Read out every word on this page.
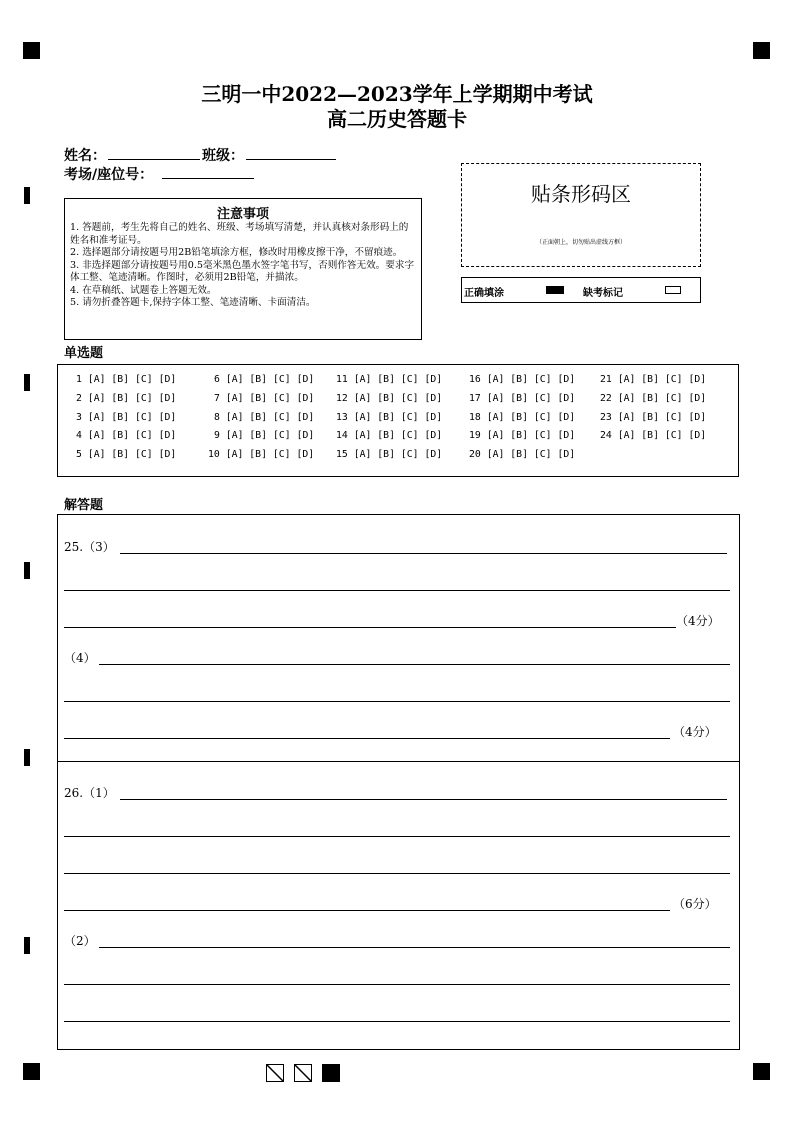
三明一中2022—2023学年上学期期中考试
高二历史答题卡
姓名：	班级：
考场/座位号：
注意事项
1. 答题前，考生先将自己的姓名、班级、考场填写清楚，并认真核对条形码上的姓名和准考证号。
2. 选择题部分请按题号用2B铅笔填涂方框，修改时用橡皮擦干净，不留痕迹。
3. 非选择题部分请按题号用0.5毫米黑色墨水签字笔书写，否则作答无效。要求字体工整、笔迹清晰。作图时，必须用2B铅笔，并描浓。
4. 在草稿纸、试题卷上答题无效。
5. 请勿折叠答题卡,保持字体工整、笔迹清晰、卡面清洁。
贴条形码区
（正面朝上，切勿贴出虚线方框）
正确填涂	缺考标记
单选题
1 [A] [B] [C] [D]
2 [A] [B] [C] [D]
3 [A] [B] [C] [D]
4 [A] [B] [C] [D]
5 [A] [B] [C] [D]
6 [A] [B] [C] [D]
7 [A] [B] [C] [D]
8 [A] [B] [C] [D]
9 [A] [B] [C] [D]
10 [A] [B] [C] [D]
11 [A] [B] [C] [D]
12 [A] [B] [C] [D]
13 [A] [B] [C] [D]
14 [A] [B] [C] [D]
15 [A] [B] [C] [D]
16 [A] [B] [C] [D]
17 [A] [B] [C] [D]
18 [A] [B] [C] [D]
19 [A] [B] [C] [D]
20 [A] [B] [C] [D]
21 [A] [B] [C] [D]
22 [A] [B] [C] [D]
23 [A] [B] [C] [D]
24 [A] [B] [C] [D]
解答题
25.（3）
（4分）
（4）
（4分）
26.（1）
（6分）
（2）
